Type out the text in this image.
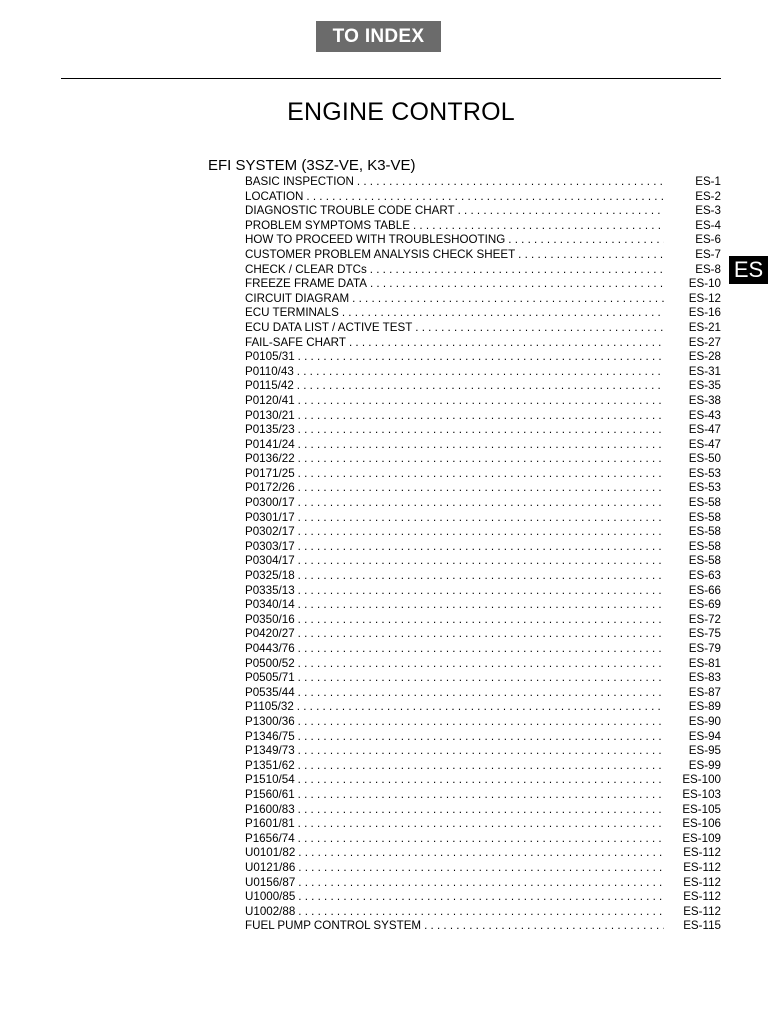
TO INDEX
ENGINE CONTROL
EFI SYSTEM (3SZ-VE, K3-VE)
ES
BASIC INSPECTION . . .	ES-1
LOCATION . . .	ES-2
DIAGNOSTIC TROUBLE CODE CHART . . .	ES-3
PROBLEM SYMPTOMS TABLE . . .	ES-4
HOW TO PROCEED WITH TROUBLESHOOTING . . .	ES-6
CUSTOMER PROBLEM ANALYSIS CHECK SHEET . . .	ES-7
CHECK / CLEAR DTCs . . .	ES-8
FREEZE FRAME DATA . . .	ES-10
CIRCUIT DIAGRAM . . .	ES-12
ECU TERMINALS . . .	ES-16
ECU DATA LIST / ACTIVE TEST . . .	ES-21
FAIL-SAFE CHART . . .	ES-27
P0105/31 . . .	ES-28
P0110/43 . . .	ES-31
P0115/42 . . .	ES-35
P0120/41 . . .	ES-38
P0130/21 . . .	ES-43
P0135/23 . . .	ES-47
P0141/24 . . .	ES-47
P0136/22 . . .	ES-50
P0171/25 . . .	ES-53
P0172/26 . . .	ES-53
P0300/17 . . .	ES-58
P0301/17 . . .	ES-58
P0302/17 . . .	ES-58
P0303/17 . . .	ES-58
P0304/17 . . .	ES-58
P0325/18 . . .	ES-63
P0335/13 . . .	ES-66
P0340/14 . . .	ES-69
P0350/16 . . .	ES-72
P0420/27 . . .	ES-75
P0443/76 . . .	ES-79
P0500/52 . . .	ES-81
P0505/71 . . .	ES-83
P0535/44 . . .	ES-87
P1105/32 . . .	ES-89
P1300/36 . . .	ES-90
P1346/75 . . .	ES-94
P1349/73 . . .	ES-95
P1351/62 . . .	ES-99
P1510/54 . . .	ES-100
P1560/61 . . .	ES-103
P1600/83 . . .	ES-105
P1601/81 . . .	ES-106
P1656/74 . . .	ES-109
U0101/82 . . .	ES-112
U0121/86 . . .	ES-112
U0156/87 . . .	ES-112
U1000/85 . . .	ES-112
U1002/88 . . .	ES-112
FUEL PUMP CONTROL SYSTEM . . .	ES-115
